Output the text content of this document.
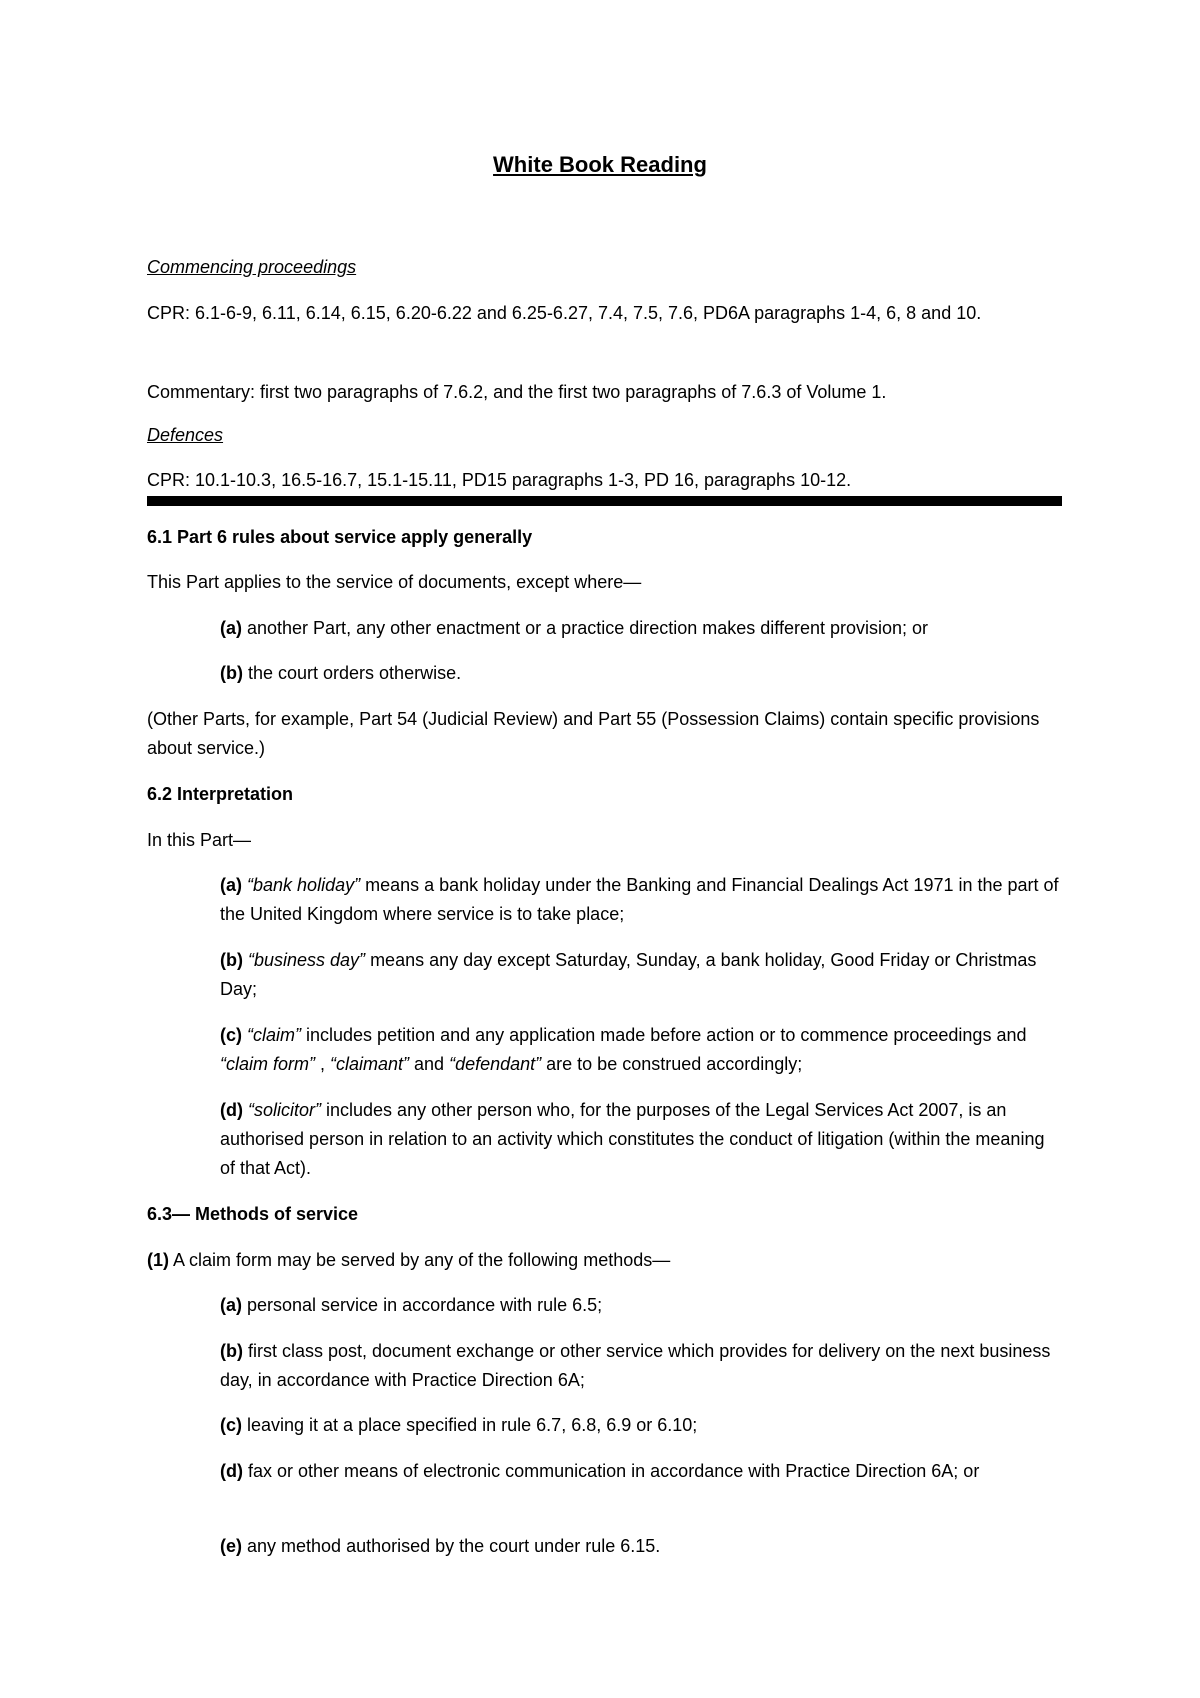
White Book Reading

Commencing proceedings

CPR: 6.1-6-9, 6.11, 6.14, 6.15, 6.20-6.22 and 6.25-6.27, 7.4, 7.5, 7.6, PD6A paragraphs 1-4, 6, 8 and 10.

Commentary: first two paragraphs of 7.6.2, and the first two paragraphs of 7.6.3 of Volume 1.

Defences

CPR: 10.1-10.3, 16.5-16.7, 15.1-15.11, PD15 paragraphs 1-3, PD 16, paragraphs 10-12.

6.1 Part 6 rules about service apply generally

This Part applies to the service of documents, except where—

(a) another Part, any other enactment or a practice direction makes different provision; or

(b) the court orders otherwise.

(Other Parts, for example, Part 54 (Judicial Review) and Part 55 (Possession Claims) contain specific provisions about service.)

6.2 Interpretation

In this Part—

(a) “bank holiday” means a bank holiday under the Banking and Financial Dealings Act 1971 in the part of the United Kingdom where service is to take place;

(b) “business day” means any day except Saturday, Sunday, a bank holiday, Good Friday or Christmas Day;

(c) “claim” includes petition and any application made before action or to commence proceedings and “claim form” , “claimant” and “defendant” are to be construed accordingly;

(d) “solicitor” includes any other person who, for the purposes of the Legal Services Act 2007, is an authorised person in relation to an activity which constitutes the conduct of litigation (within the meaning of that Act).

6.3— Methods of service

(1) A claim form may be served by any of the following methods—

(a) personal service in accordance with rule 6.5;

(b) first class post, document exchange or other service which provides for delivery on the next business day, in accordance with Practice Direction 6A;

(c) leaving it at a place specified in rule 6.7, 6.8, 6.9 or 6.10;

(d) fax or other means of electronic communication in accordance with Practice Direction 6A; or

(e) any method authorised by the court under rule 6.15.
